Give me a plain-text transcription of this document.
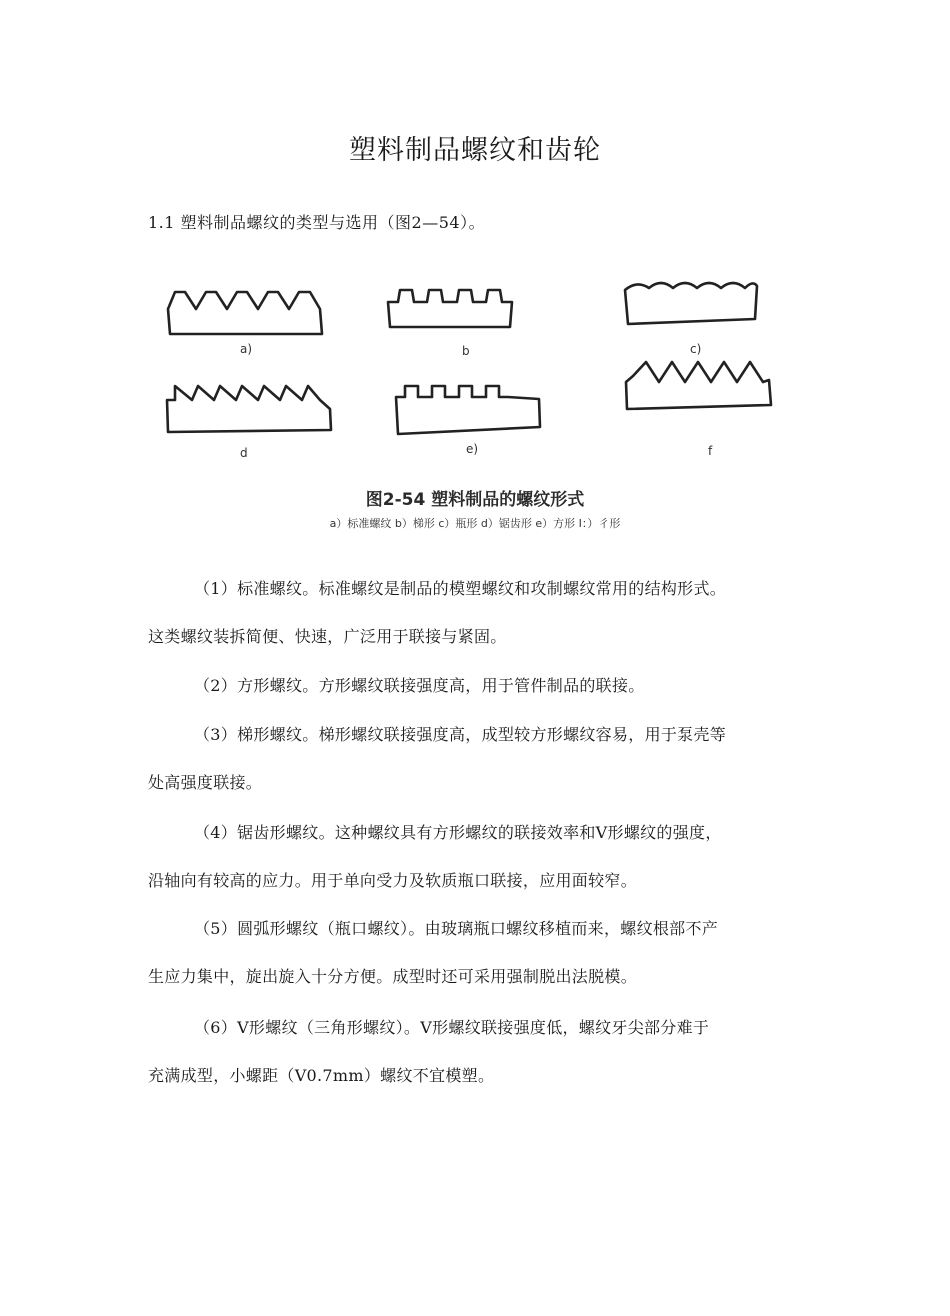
塑料制品螺纹和齿轮
1.1 塑料制品螺纹的类型与选用（图2—54）。
a)	b	c)
d	e)	f
图2-54 塑料制品的螺纹形式
a）标准螺纹 b）梯形 c）瓶形 d）锯齿形 e）方形 I：）彳形
（1）标准螺纹。标准螺纹是制品的模塑螺纹和攻制螺纹常用的结构形式。
这类螺纹装拆简便、快速，广泛用于联接与紧固。
（2）方形螺纹。方形螺纹联接强度高，用于管件制品的联接。
（3）梯形螺纹。梯形螺纹联接强度高，成型较方形螺纹容易，用于泵壳等
处高强度联接。
（4）锯齿形螺纹。这种螺纹具有方形螺纹的联接效率和V形螺纹的强度，
沿轴向有较高的应力。用于单向受力及软质瓶口联接，应用面较窄。
（5）圆弧形螺纹（瓶口螺纹）。由玻璃瓶口螺纹移植而来，螺纹根部不产
生应力集中，旋出旋入十分方便。成型时还可采用强制脱出法脱模。
（6）V形螺纹（三角形螺纹）。V形螺纹联接强度低，螺纹牙尖部分难于
充满成型，小螺距（V0.7mm）螺纹不宜模塑。
